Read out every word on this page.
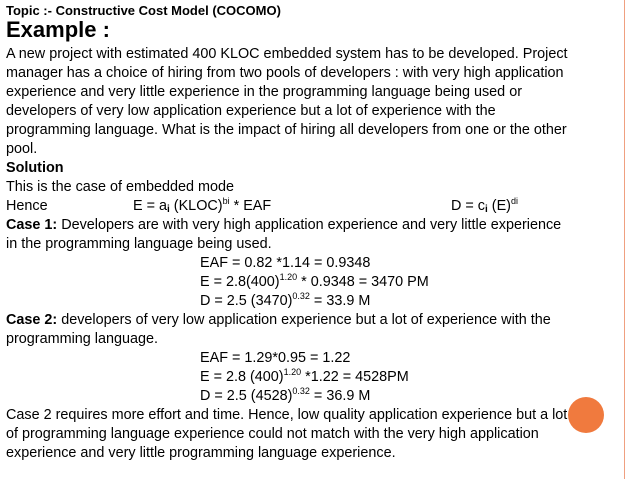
Topic :- Constructive Cost Model (COCOMO)
Example :
A new project with estimated 400 KLOC embedded system has to be developed. Project
manager has a choice of hiring from two pools of developers : with very high application
experience and very little experience in the programming language being used or
developers of very low application experience but a lot of experience with the
programming language. What is the impact of hiring all developers from one or the other
pool.
Solution
This is the case of embedded mode
Hence	$E = a_i$ (KLOC)$^{bi}$ * EAF	$D = c_i$ $(E)^{di}$
Case 1: Developers are with very high application experience and very little experience
in the programming language being used.
EAF = 0.82 *1.14 = 0.9348
$E = 2.8(400)^{1.20} * 0.9348 = 3470$ PM
D = 2.5 $(3470)^{0.32} = 33.9$ M
Case 2: developers of very low application experience but a lot of experience with the
programming language.
EAF = 1.29*0.95 = 1.22
E = 2.8 $(400)^{1.20}$ *1.22 = 4528PM
D = 2.5 $(4528)^{0.32} = 36.9$ M
Case 2 requires more effort and time. Hence, low quality application experience but a lot
of programming language experience could not match with the very high application
experience and very little programming language experience.
